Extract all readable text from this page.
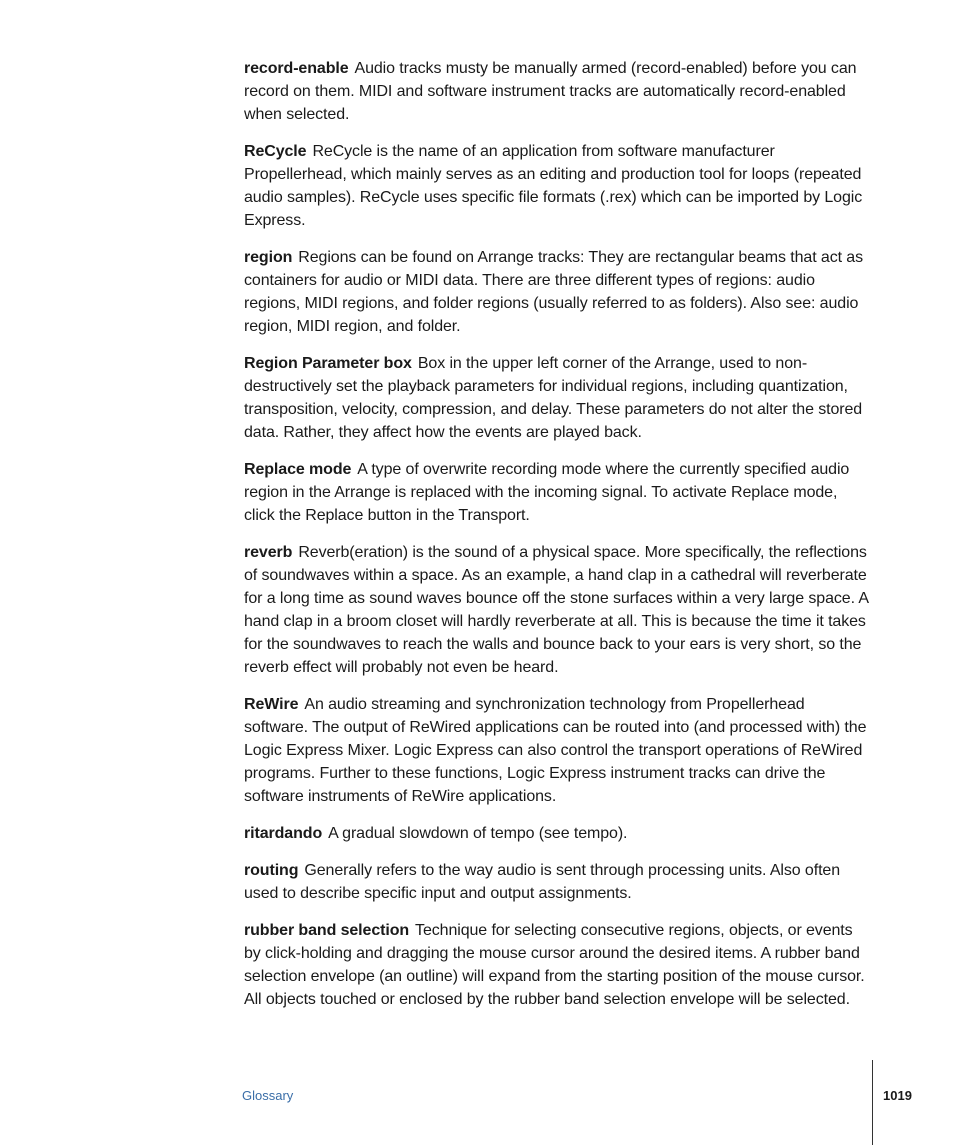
record-enable Audio tracks musty be manually armed (record-enabled) before you can record on them. MIDI and software instrument tracks are automatically record-enabled when selected.

ReCycle ReCycle is the name of an application from software manufacturer Propellerhead, which mainly serves as an editing and production tool for loops (repeated audio samples). ReCycle uses specific file formats (.rex) which can be imported by Logic Express.

region Regions can be found on Arrange tracks: They are rectangular beams that act as containers for audio or MIDI data. There are three different types of regions: audio regions, MIDI regions, and folder regions (usually referred to as folders). Also see: audio region, MIDI region, and folder.

Region Parameter box Box in the upper left corner of the Arrange, used to non-destructively set the playback parameters for individual regions, including quantization, transposition, velocity, compression, and delay. These parameters do not alter the stored data. Rather, they affect how the events are played back.

Replace mode A type of overwrite recording mode where the currently specified audio region in the Arrange is replaced with the incoming signal. To activate Replace mode, click the Replace button in the Transport.

reverb Reverb(eration) is the sound of a physical space. More specifically, the reflections of soundwaves within a space. As an example, a hand clap in a cathedral will reverberate for a long time as sound waves bounce off the stone surfaces within a very large space. A hand clap in a broom closet will hardly reverberate at all. This is because the time it takes for the soundwaves to reach the walls and bounce back to your ears is very short, so the reverb effect will probably not even be heard.

ReWire An audio streaming and synchronization technology from Propellerhead software. The output of ReWired applications can be routed into (and processed with) the Logic Express Mixer. Logic Express can also control the transport operations of ReWired programs. Further to these functions, Logic Express instrument tracks can drive the software instruments of ReWire applications.

ritardando A gradual slowdown of tempo (see tempo).

routing Generally refers to the way audio is sent through processing units. Also often used to describe specific input and output assignments.

rubber band selection Technique for selecting consecutive regions, objects, or events by click-holding and dragging the mouse cursor around the desired items. A rubber band selection envelope (an outline) will expand from the starting position of the mouse cursor. All objects touched or enclosed by the rubber band selection envelope will be selected.

Glossary	1019
